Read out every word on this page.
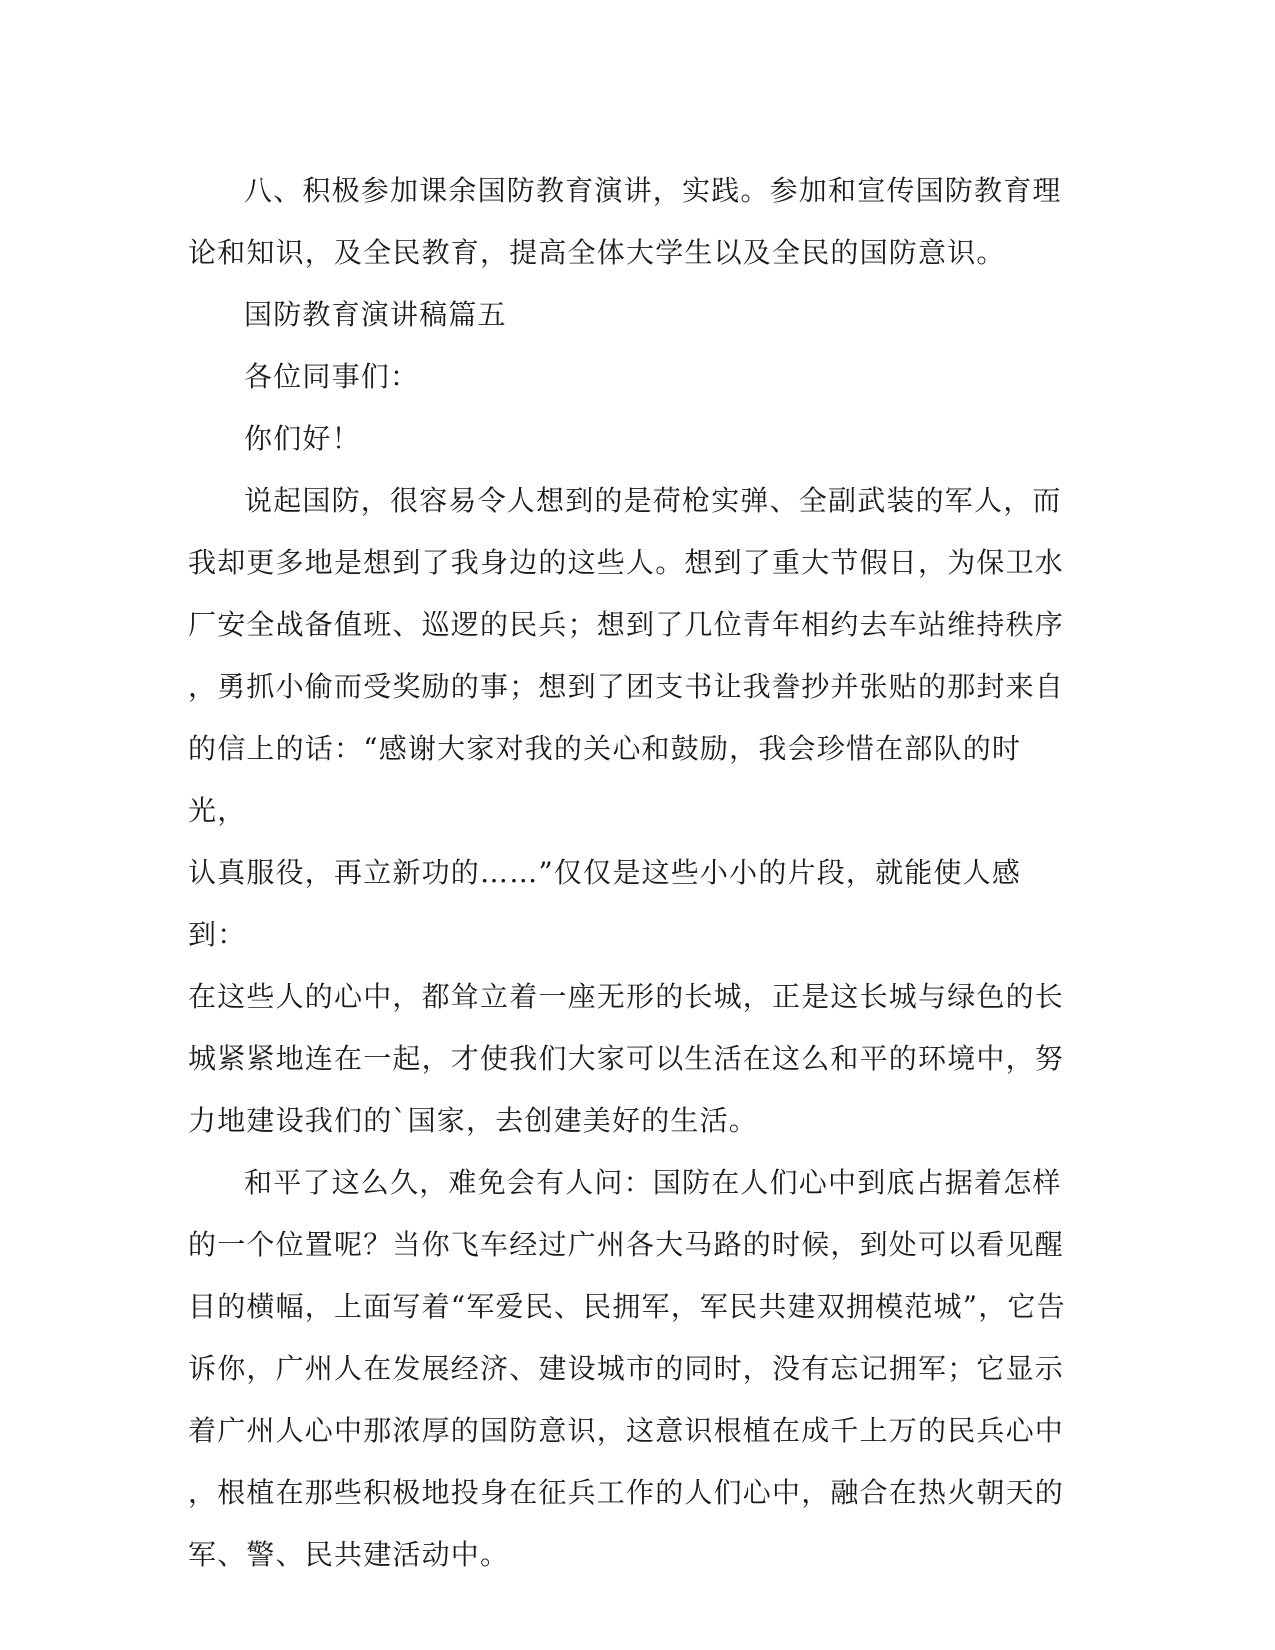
八、积极参加课余国防教育演讲，实践。参加和宣传国防教育理
论和知识，及全民教育，提高全体大学生以及全民的国防意识。

国防教育演讲稿篇五

各位同事们：

你们好！

说起国防，很容易令人想到的是荷枪实弹、全副武装的军人，而
我却更多地是想到了我身边的这些人。想到了重大节假日，为保卫水
厂安全战备值班、巡逻的民兵；想到了几位青年相约去车站维持秩序
，勇抓小偷而受奖励的事；想到了团支书让我誊抄并张贴的那封来自
的信上的话：“感谢大家对我的关心和鼓励，我会珍惜在部队的时光，
认真服役，再立新功的……”仅仅是这些小小的片段，就能使人感到：
在这些人的心中，都耸立着一座无形的长城，正是这长城与绿色的长
城紧紧地连在一起，才使我们大家可以生活在这么和平的环境中，努
力地建设我们的`国家，去创建美好的生活。

和平了这么久，难免会有人问：国防在人们心中到底占据着怎样
的一个位置呢？当你飞车经过广州各大马路的时候，到处可以看见醒
目的横幅，上面写着“军爱民、民拥军，军民共建双拥模范城”，它告
诉你，广州人在发展经济、建设城市的同时，没有忘记拥军；它显示
着广州人心中那浓厚的国防意识，这意识根植在成千上万的民兵心中
，根植在那些积极地投身在征兵工作的人们心中，融合在热火朝天的
军、警、民共建活动中。
